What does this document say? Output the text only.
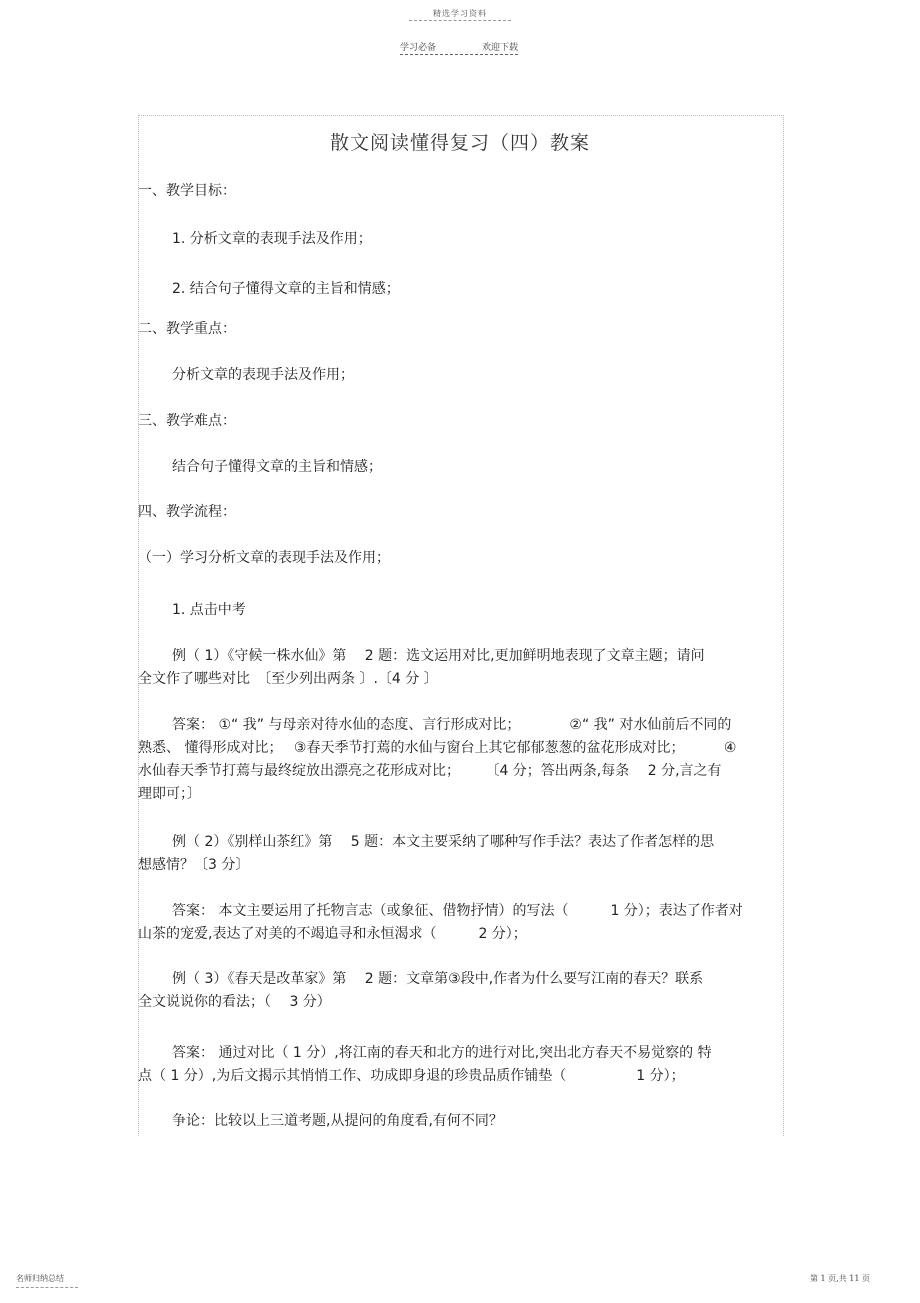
精选学习资料
学习必备	欢迎下载
散文阅读懂得复习（四）教案
一、教学目标：
1. 分析文章的表现手法及作用；
2. 结合句子懂得文章的主旨和情感；
二、教学重点：
分析文章的表现手法及作用；
三、教学难点：
结合句子懂得文章的主旨和情感；
四、教学流程：
（一）学习分析文章的表现手法及作用；
1. 点击中考
例（ 1）《守候一株水仙》第　 2 题：选文运用对比,更加鲜明地表现了文章主题；请问
全文作了哪些对比　〔至少列出两条 〕.〔4 分 〕
答案： ①“ 我” 与母亲对待水仙的态度、言行形成对比；　　　　②“ 我” 对水仙前后不同的
熟悉、 懂得形成对比；　 ③春天季节打蔫的水仙与窗台上其它郁郁葱葱的盆花形成对比；　　　 ④
水仙春天季节打蔫与最终绽放出漂亮之花形成对比；　　 〔4 分；答出两条,每条　 2 分,言之有
理即可；〕
例（ 2）《别样山茶红》第　 5 题：本文主要采纳了哪种写作手法？表达了作者怎样的思
想感情？〔3 分〕
答案： 本文主要运用了托物言志（或象征、借物抒情）的写法（　　　1 分）；表达了作者对
山茶的宠爱,表达了对美的不竭追寻和永恒渴求（　　　2 分）；
例（ 3）《春天是改革家》第　 2 题：文章第③段中,作者为什么要写江南的春天？联系
全文说说你的看法；（　 3 分）
答案： 通过对比（ 1 分）,将江南的春天和北方的进行对比,突出北方春天不易觉察的 特
点（ 1 分）,为后文揭示其悄悄工作、功成即身退的珍贵品质作铺垫（　　　　　1 分）；
争论：比较以上三道考题,从提问的角度看,有何不同？
名师归纳总结	第 1 页,共 11 页
